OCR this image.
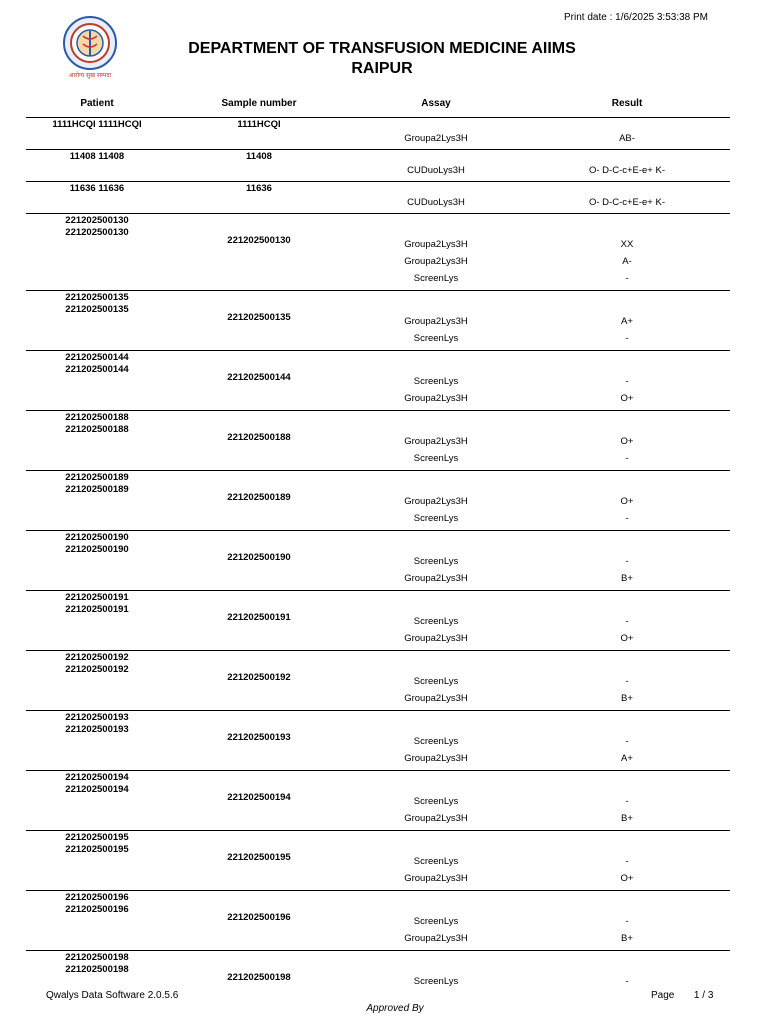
Print date : 1/6/2025 3:53:38 PM
आरोग्य सुख सम्पदा
DEPARTMENT OF TRANSFUSION MEDICINE AIIMS
RAIPUR
Patient	Sample number	Assay	Result
1111HCQI 1111HCQI	1111HCQI
Groupa2Lys3H	AB-
11408 11408	11408
CUDuoLys3H	O- D-C-c+E-e+ K-
11636 11636	11636
CUDuoLys3H	O- D-C-c+E-e+ K-
221202500130
221202500130
221202500130	Groupa2Lys3H	XX
Groupa2Lys3H	A-
ScreenLys	-
221202500135
221202500135
221202500135	Groupa2Lys3H	A+
ScreenLys	-
221202500144
221202500144
221202500144	ScreenLys	-
Groupa2Lys3H	O+
221202500188
221202500188
221202500188	Groupa2Lys3H	O+
ScreenLys	-
221202500189
221202500189
221202500189	Groupa2Lys3H	O+
ScreenLys	-
221202500190
221202500190
221202500190	ScreenLys	-
Groupa2Lys3H	B+
221202500191
221202500191
221202500191	ScreenLys	-
Groupa2Lys3H	O+
221202500192
221202500192
221202500192	ScreenLys	-
Groupa2Lys3H	B+
221202500193
221202500193
221202500193	ScreenLys	-
Groupa2Lys3H	A+
221202500194
221202500194
221202500194	ScreenLys	-
Groupa2Lys3H	B+
221202500195
221202500195
221202500195	ScreenLys	-
Groupa2Lys3H	O+
221202500196
221202500196
221202500196	ScreenLys	-
Groupa2Lys3H	B+
221202500198
221202500198
221202500198	ScreenLys	-
Qwalys Data Software 2.0.5.6	Page 1 / 3
Approved By
